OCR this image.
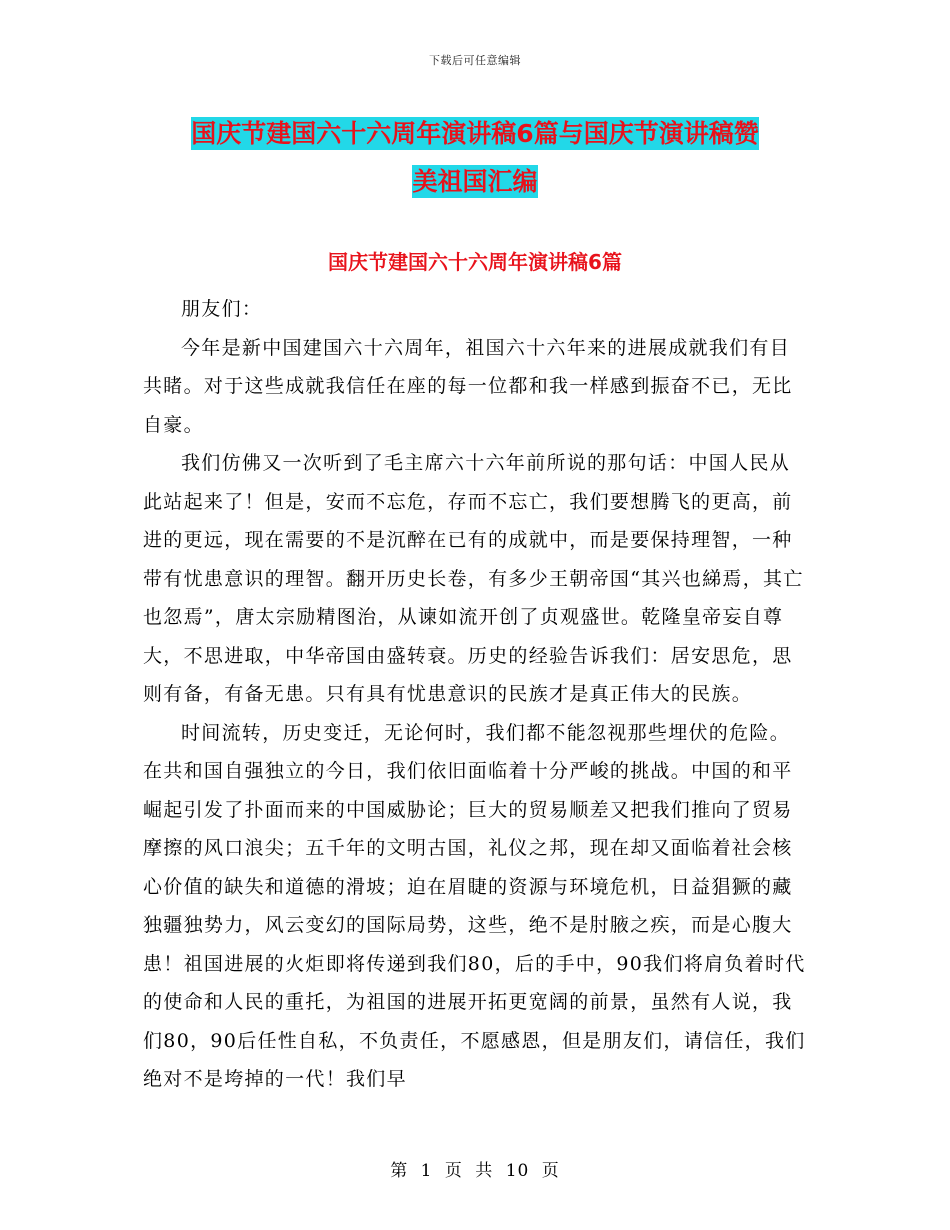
下载后可任意编辑
国庆节建国六十六周年演讲稿6篇与国庆节演讲稿赞
美祖国汇编
国庆节建国六十六周年演讲稿6篇

朋友们：

今年是新中国建国六十六周年，祖国六十六年来的进展成就我们有目共睹。对于这些成就我信任在座的每一位都和我一样感到振奋不已，无比自豪。

我们仿佛又一次听到了毛主席六十六年前所说的那句话：中国人民从此站起来了！但是，安而不忘危，存而不忘亡，我们要想腾飞的更高，前进的更远，现在需要的不是沉醉在已有的成就中，而是要保持理智，一种带有忧患意识的理智。翻开历史长卷，有多少王朝帝国“其兴也綈焉，其亡也忽焉”，唐太宗励精图治，从谏如流开创了贞观盛世。乾隆皇帝妄自尊大，不思进取，中华帝国由盛转衰。历史的经验告诉我们：居安思危，思则有备，有备无患。只有具有忧患意识的民族才是真正伟大的民族。

时间流转，历史变迁，无论何时，我们都不能忽视那些埋伏的危险。在共和国自强独立的今日，我们依旧面临着十分严峻的挑战。中国的和平崛起引发了扑面而来的中国威胁论；巨大的贸易顺差又把我们推向了贸易摩擦的风口浪尖；五千年的文明古国，礼仪之邦，现在却又面临着社会核心价值的缺失和道德的滑坡；迫在眉睫的资源与环境危机，日益猖獗的藏独疆独势力，风云变幻的国际局势，这些，绝不是肘腋之疾，而是心腹大患！祖国进展的火炬即将传递到我们80，后的手中，90我们将肩负着时代的使命和人民的重托，为祖国的进展开拓更宽阔的前景，虽然有人说，我们80，90后任性自私，不负责任，不愿感恩，但是朋友们，请信任，我们绝对不是垮掉的一代！我们早

第 1 页 共 10 页
